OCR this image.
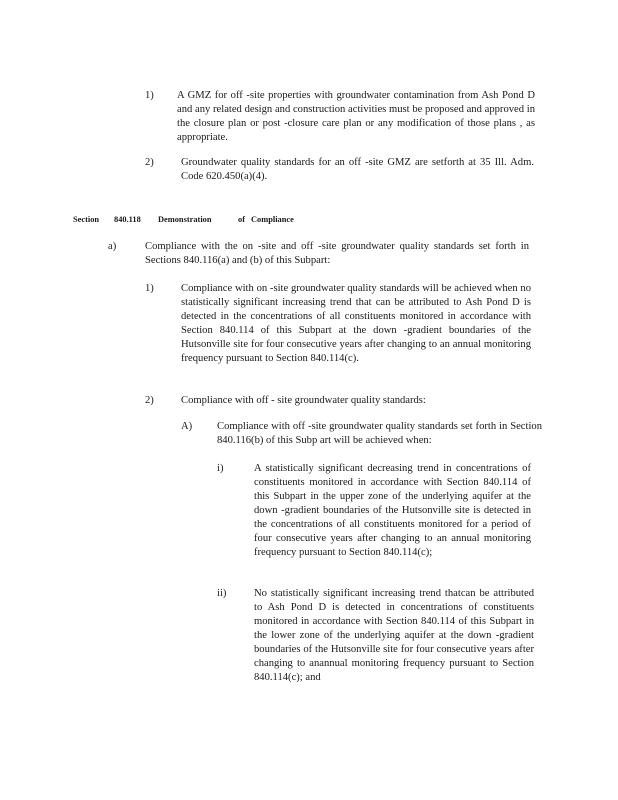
1) A GMZ for off -site properties with groundwater contamination from Ash Pond D and any related design and construction activities must be proposed and approved in the closure plan or post -closure care plan or any modification of those plans , as appropriate.
2)	Groundwater quality standards for an off -site GMZ are setforth at 35 Ill. Adm. Code 620.450(a)(4).
Section 840.118 Demonstration	of Compliance
a)	Compliance with the on -site and off -site groundwater quality standards set forth in Sections 840.116(a) and (b) of this Subpart:
1)	Compliance with on -site groundwater quality standards will be achieved when no statistically significant increasing trend that can be attributed to Ash Pond D is detected in the concentrations of all constituents monitored in accordance with Section 840.114 of this Subpart at the down -gradient boundaries of the Hutsonville site for four consecutive years after changing to an annual monitoring frequency pursuant to Section 840.114(c).
2)	Compliance with off - site groundwater quality standards:
A) Compliance with off -site groundwater quality standards set forth in Section 840.116(b) of this Subp art will be achieved when:
i)	A statistically significant decreasing trend in concentrations of constituents monitored in accordance with Section 840.114 of this Subpart in the upper zone of the underlying aquifer at the down -gradient boundaries of the Hutsonville site is detected in the concentrations of all constituents monitored for a period of four consecutive years after changing to an annual monitoring frequency pursuant to Section 840.114(c);
ii)	No statistically significant increasing trend thatcan be attributed to Ash Pond D is detected in concentrations of constituents monitored in accordance with Section 840.114 of this Subpart in the lower zone of the underlying aquifer at the down -gradient boundaries of the Hutsonville site for four consecutive years after changing to anannual monitoring frequency pursuant to Section 840.114(c); and
